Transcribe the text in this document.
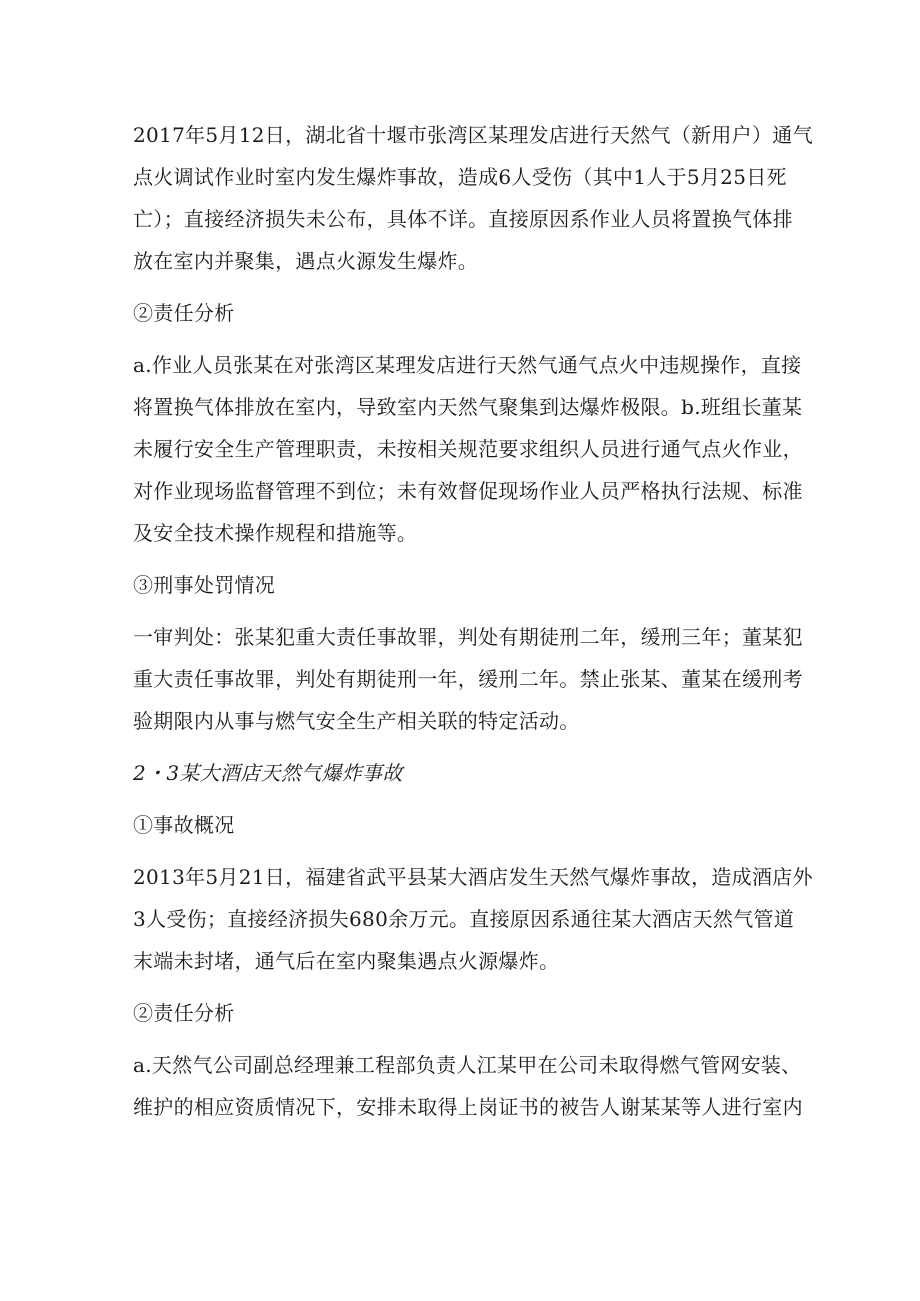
2017年5月12日，湖北省十堰市张湾区某理发店进行天然气（新用户）通气
点火调试作业时室内发生爆炸事故，造成6人受伤（其中1人于5月25日死
亡）；直接经济损失未公布，具体不详。直接原因系作业人员将置换气体排
放在室内并聚集，遇点火源发生爆炸。
②责任分析
a.作业人员张某在对张湾区某理发店进行天然气通气点火中违规操作，直接
将置换气体排放在室内，导致室内天然气聚集到达爆炸极限。b.班组长董某
未履行安全生产管理职责，未按相关规范要求组织人员进行通气点火作业，
对作业现场监督管理不到位；未有效督促现场作业人员严格执行法规、标准
及安全技术操作规程和措施等。
③刑事处罚情况
一审判处：张某犯重大责任事故罪，判处有期徒刑二年，缓刑三年；董某犯
重大责任事故罪，判处有期徒刑一年，缓刑二年。禁止张某、董某在缓刑考
验期限内从事与燃气安全生产相关联的特定活动。
2・3某大酒店天然气爆炸事故
①事故概况
2013年5月21日，福建省武平县某大酒店发生天然气爆炸事故，造成酒店外
3人受伤；直接经济损失680余万元。直接原因系通往某大酒店天然气管道
末端未封堵，通气后在室内聚集遇点火源爆炸。
②责任分析
a.天然气公司副总经理兼工程部负责人江某甲在公司未取得燃气管网安装、
维护的相应资质情况下，安排未取得上岗证书的被告人谢某某等人进行室内
